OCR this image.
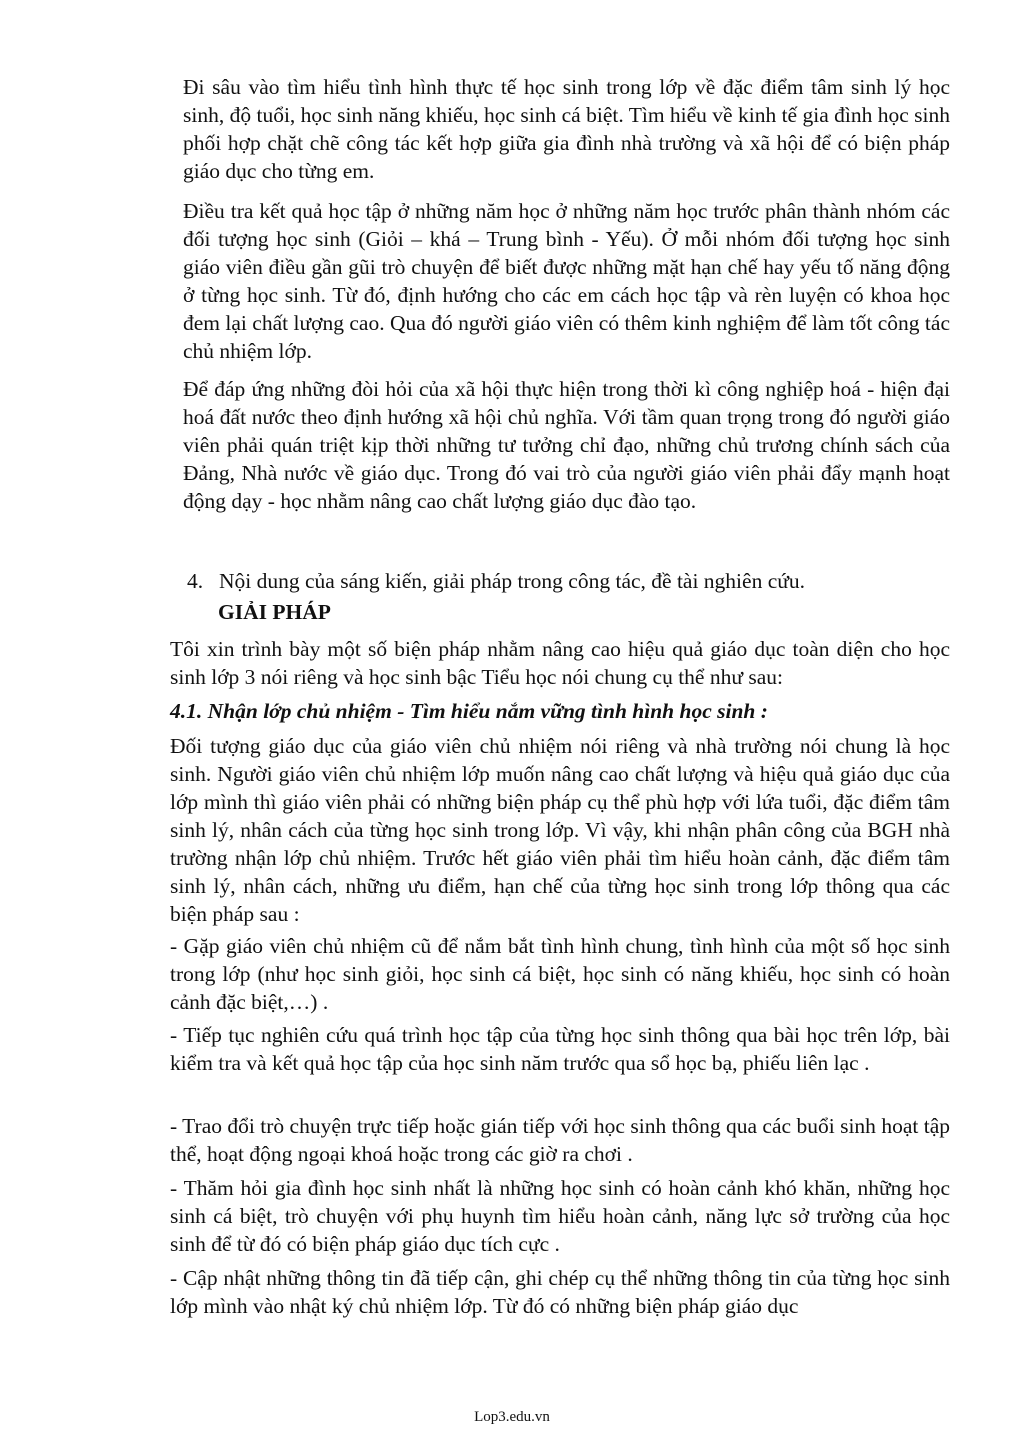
Đi sâu vào tìm hiểu tình hình thực tế học sinh trong lớp về đặc điểm tâm sinh lý học sinh, độ tuổi, học sinh năng khiếu, học sinh cá biệt. Tìm hiểu về kinh tế gia đình học sinh phối hợp chặt chẽ công tác kết hợp giữa gia đình nhà trường và xã hội để có biện pháp giáo dục cho từng em.

Điều tra kết quả học tập ở những năm học ở những năm học trước phân thành nhóm các đối tượng học sinh (Giỏi – khá – Trung bình - Yếu). Ở mỗi nhóm đối tượng học sinh giáo viên điều gần gũi trò chuyện để biết được những mặt hạn chế hay yếu tố năng động ở từng học sinh. Từ đó, định hướng cho các em cách học tập và rèn luyện có khoa học đem lại chất lượng cao. Qua đó người giáo viên có thêm kinh nghiệm để làm tốt công tác chủ nhiệm lớp.

Để đáp ứng những đòi hỏi của xã hội thực hiện trong thời kì công nghiệp hoá - hiện đại hoá đất nước theo định hướng xã hội chủ nghĩa. Với tầm quan trọng trong đó người giáo viên phải quán triệt kịp thời những tư tưởng chỉ đạo, những chủ trương chính sách của Đảng, Nhà nước về giáo dục. Trong đó vai trò của người giáo viên phải đẩy mạnh hoạt động dạy - học nhằm nâng cao chất lượng giáo dục đào tạo.

4. Nội dung của sáng kiến, giải pháp trong công tác, đề tài nghiên cứu.

GIẢI PHÁP

Tôi xin trình bày một số biện pháp nhằm nâng cao hiệu quả giáo dục toàn diện cho học sinh lớp 3 nói riêng và học sinh bậc Tiểu học nói chung cụ thể như sau:

4.1. Nhận lớp chủ nhiệm - Tìm hiểu nắm vững tình hình học sinh :

Đối tượng giáo dục của giáo viên chủ nhiệm nói riêng và nhà trường nói chung là học sinh. Người giáo viên chủ nhiệm lớp muốn nâng cao chất lượng và hiệu quả giáo dục của lớp mình thì giáo viên phải có những biện pháp cụ thể phù hợp với lứa tuổi, đặc điểm tâm sinh lý, nhân cách của từng học sinh trong lớp. Vì vậy, khi nhận phân công của BGH nhà trường nhận lớp chủ nhiệm. Trước hết giáo viên phải tìm hiểu hoàn cảnh, đặc điểm tâm sinh lý, nhân cách, những ưu điểm, hạn chế của từng học sinh trong lớp thông qua các biện pháp sau :

- Gặp giáo viên chủ nhiệm cũ để nắm bắt tình hình chung, tình hình của một số học sinh trong lớp (như học sinh giỏi, học sinh cá biệt, học sinh có năng khiếu, học sinh có hoàn cảnh đặc biệt,…) .

- Tiếp tục nghiên cứu quá trình học tập của từng học sinh thông qua bài học trên lớp, bài kiểm tra và kết quả học tập của học sinh năm trước qua sổ học bạ, phiếu liên lạc .

- Trao đổi trò chuyện trực tiếp hoặc gián tiếp với học sinh thông qua các buổi sinh hoạt tập thể, hoạt động ngoại khoá hoặc trong các giờ ra chơi .

- Thăm hỏi gia đình học sinh nhất là những học sinh có hoàn cảnh khó khăn, những học sinh cá biệt, trò chuyện với phụ huynh tìm hiểu hoàn cảnh, năng lực sở trường của học sinh để từ đó có biện pháp giáo dục tích cực .

- Cập nhật những thông tin đã tiếp cận, ghi chép cụ thể những thông tin của từng học sinh lớp mình vào nhật ký chủ nhiệm lớp. Từ đó có những biện pháp giáo dục

Lop3.edu.vn
